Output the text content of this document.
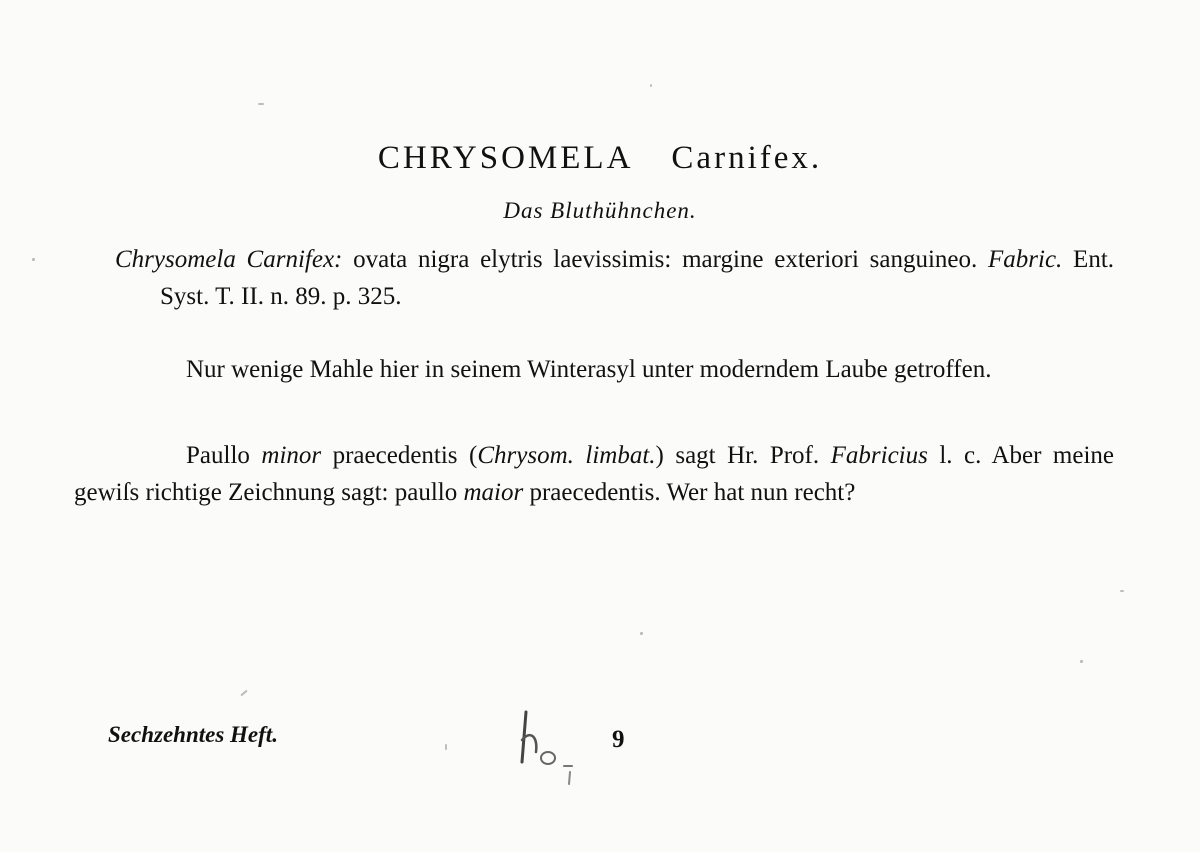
CHRYSOMELA Carnifex.
Das Bluthühnchen.
Chrysomela Carnifex: ovata nigra elytris laevissimis: margine exteriori sanguineo. Fabric. Ent. Syst. T. II. n. 89. p. 325.
Nur wenige Mahle hier in seinem Winterasyl unter moderndem Laube getroffen.
Paullo minor praecedentis (Chrysom. limbat.) sagt Hr. Prof. Fabricius l. c. Aber meine gewiſs richtige Zeichnung sagt: paullo maior praecedentis. Wer hat nun recht?
Sechzehntes Heft.	9
